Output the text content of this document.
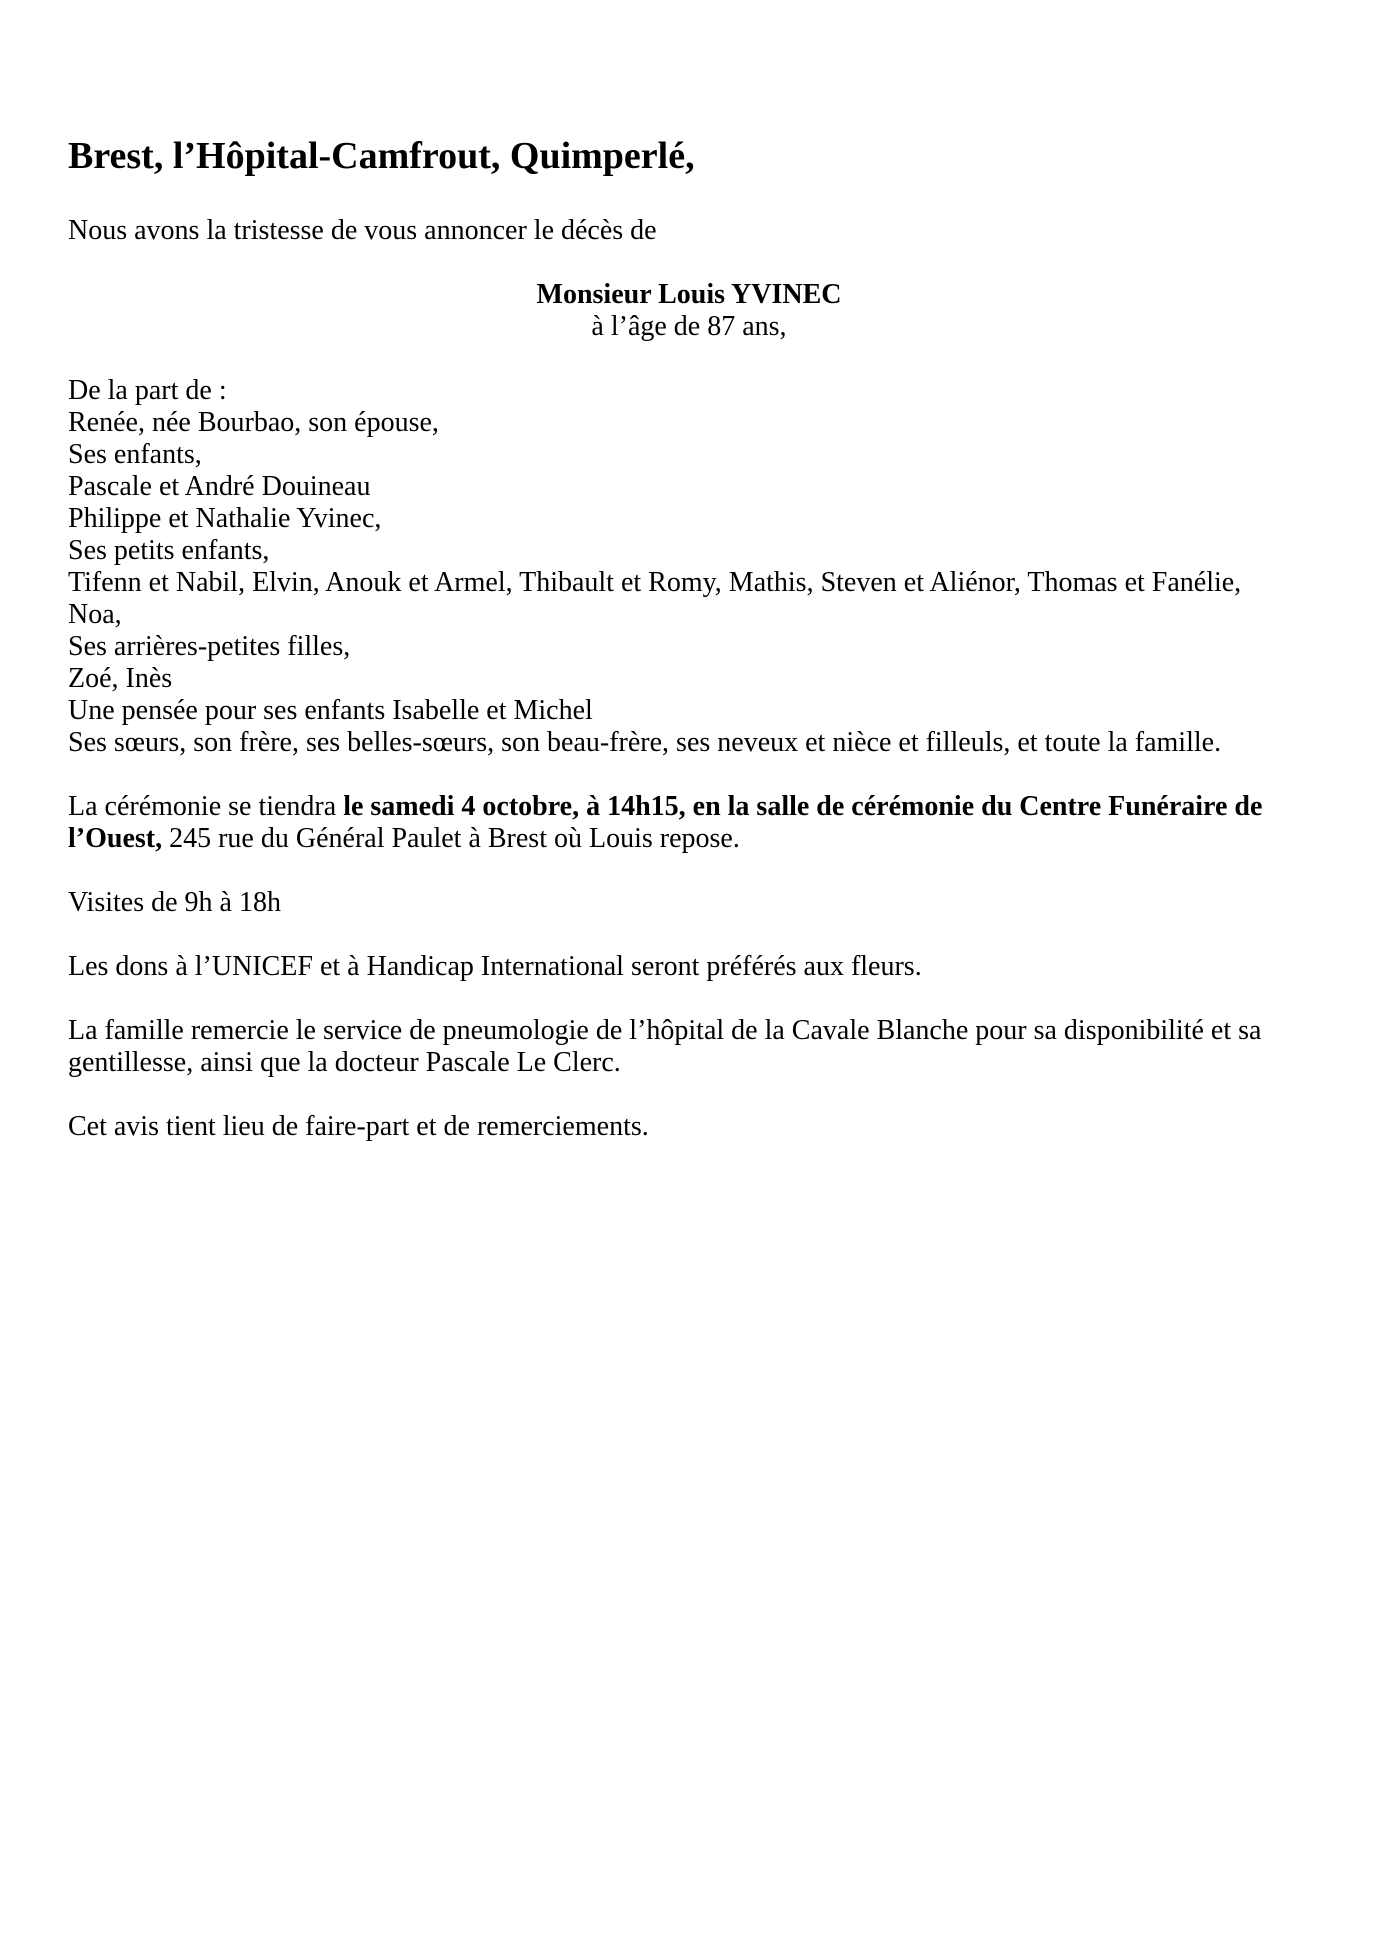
Brest, l’Hôpital-Camfrout, Quimperlé,

Nous avons la tristesse de vous annoncer le décès de

Monsieur Louis YVINEC
à l’âge de 87 ans,
De la part de :
Renée, née Bourbao, son épouse,
Ses enfants,
Pascale et André Douineau
Philippe et Nathalie Yvinec,
Ses petits enfants,
Tifenn et Nabil, Elvin, Anouk et Armel, Thibault et Romy, Mathis, Steven et Aliénor, Thomas et Fanélie,
Noa,
Ses arrières-petites filles,
Zoé, Inès
Une pensée pour ses enfants Isabelle et Michel
Ses sœurs, son frère, ses belles-sœurs, son beau-frère, ses neveux et nièce et filleuls, et toute la famille.

La cérémonie se tiendra le samedi 4 octobre, à 14h15, en la salle de cérémonie du Centre Funéraire de l’Ouest, 245 rue du Général Paulet à Brest où Louis repose.

Visites de 9h à 18h

Les dons à l’UNICEF et à Handicap International seront préférés aux fleurs.

La famille remercie le service de pneumologie de l’hôpital de la Cavale Blanche pour sa disponibilité et sa gentillesse, ainsi que la docteur Pascale Le Clerc.

Cet avis tient lieu de faire-part et de remerciements.
